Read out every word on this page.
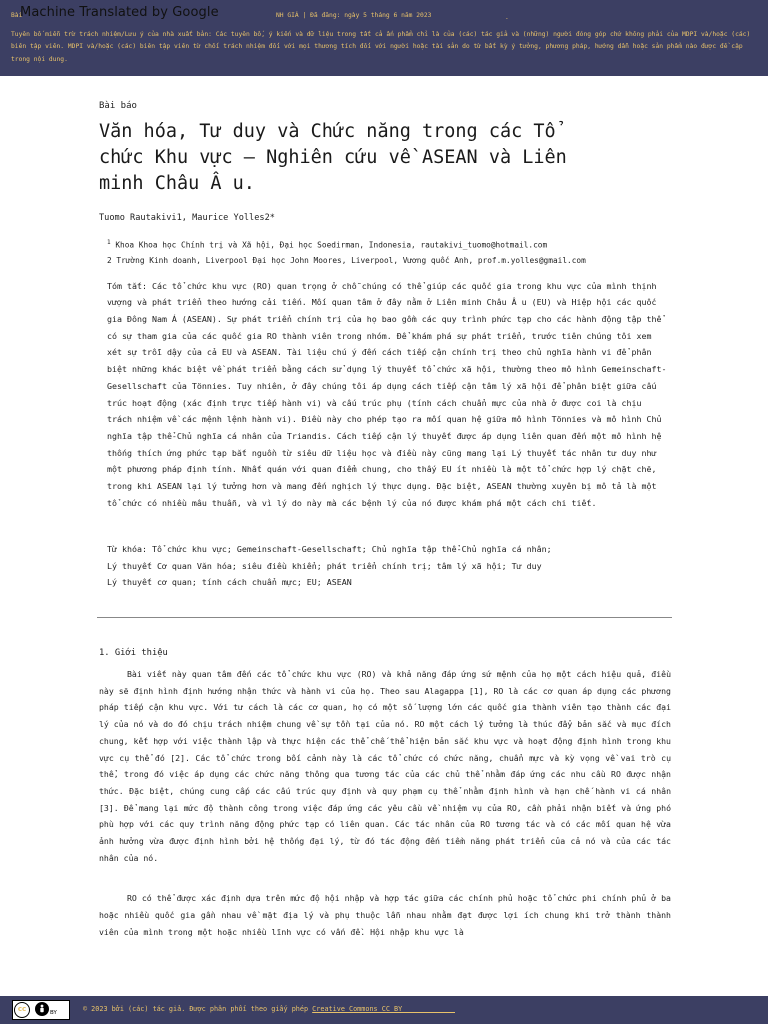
Bài	NH GIÁ | Đã đăng: ngày 5 tháng 6 năm 2023
Tuyên bố miễn trừ trách nhiệm/Lưu ý của nhà xuất bản: Các tuyên bố, ý kiến và dữ liệu trong tất cả ấn phẩm chỉ là của (các) tác giả và (những) người đóng góp chứ không phải của MDPI và/hoặc (các) biên tập viên. MDPI và/hoặc (các) biên tập viên từ chối trách nhiệm đối với mọi thương tích đối với người hoặc tài sản do từ bất kỳ ý tưởng, phương pháp, hướng dẫn hoặc sản phẩm nào được đề cập trong nội dung.
.
Machine Translated by Google
Bài báo
Văn hóa, Tư duy và Chức năng trong các Tổ chức Khu vực – Nghiên cứu về ASEAN và Liên minh Châu Â u.
Tuomo Rautakivi1, Maurice Yolles2*
$^1$ Khoa Khoa học Chính trị và Xã hội, Đại học Soedirman, Indonesia, rautakivi_tuomo@hotmail.com
2 Trường Kinh doanh, Liverpool Đại học John Moores, Liverpool, Vương quốc Anh, prof.m.yolles@gmail.com
Tóm tắt: Các tổ chức khu vực (RO) quan trọng ở chỗ chúng có thể giúp các quốc gia trong khu vực của mình thịnh vượng và phát triển theo hướng cải tiến. Mối quan tâm ở đây nằm ở Liên minh Châu Â u (EU) và Hiệp hội các quốc gia Đông Nam Á (ASEAN). Sự phát triển chính trị của họ bao gồm các quy trình phức tạp cho các hành động tập thể có sự tham gia của các quốc gia RO thành viên trong nhóm. Để khám phá sự phát triển, trước tiên chúng tôi xem xét sự trỗi dậy của cả EU và ASEAN. Tài liệu chú ý đến cách tiếp cận chính trị theo chủ nghĩa hành vi để phân biệt những khác biệt về phát triển bằng cách sử dụng lý thuyết tổ chức xã hội, thường theo mô hình Gemeinschaft-Gesellschaft của Tönnies. Tuy nhiên, ở đây chúng tôi áp dụng cách tiếp cận tâm lý xã hội để phân biệt giữa cấu trúc hoạt động (xác định trực tiếp hành vi) và cấu trúc phụ (tính cách chuẩn mực của nhà ở được coi là chịu trách nhiệm về các mệnh lệnh hành vi). Điều này cho phép tạo ra mối quan hệ giữa mô hình Tönnies và mô hình Chủ nghĩa tập thể-Chủ nghĩa cá nhân của Triandis. Cách tiếp cận lý thuyết được áp dụng liên quan đến một mô hình hệ thống thích ứng phức tạp bắt nguồn từ siêu dữ liệu học và điều này cũng mang lại Lý thuyết tác nhân tư duy như một phương pháp định tính. Nhất quán với quan điểm chung, cho thấy EU ít nhiều là một tổ chức hợp lý chặt chẽ, trong khi ASEAN lại lý tưởng hơn và mang đến nghịch lý thực dụng. Đặc biệt, ASEAN thường xuyên bị mô tả là một tổ chức có nhiều mâu thuẫn, và vì lý do này mà các bệnh lý của nó được khám phá một cách chi tiết.
Từ khóa: Tổ chức khu vực; Gemeinschaft-Gesellschaft; Chủ nghĩa tập thể-Chủ nghĩa cá nhân;
Lý thuyết Cơ quan Văn hóa; siêu điều khiển; phát triển chính trị; tâm lý xã hội; Tư duy
Lý thuyết cơ quan; tính cách chuẩn mực; EU; ASEAN
1. Giới thiệu
Bài viết này quan tâm đến các tổ chức khu vực (RO) và khả năng đáp ứng sứ mệnh của họ một cách hiệu quả, điều này sẽ định hình định hướng nhận thức và hành vi của họ. Theo sau Alagappa [1], RO là các cơ quan áp dụng các phương pháp tiếp cận khu vực. Với tư cách là các cơ quan, họ có một số lượng lớn các quốc gia thành viên tạo thành các đại lý của nó và do đó chịu trách nhiệm chung về sự tồn tại của nó. RO một cách lý tưởng là thúc đẩy bản sắc và mục đích chung, kết hợp với việc thành lập và thực hiện các thể chế thể hiện bản sắc khu vực và hoạt động định hình trong khu vực cụ thể đó [2]. Các tổ chức trong bối cảnh này là các tổ chức có chức năng, chuẩn mực và kỳ vọng về vai trò cụ thể, trong đó việc áp dụng các chức năng thông qua tương tác của các chủ thể nhằm đáp ứng các nhu cầu RO được nhận thức. Đặc biệt, chúng cung cấp các cấu trúc quy định và quy phạm cụ thể nhằm định hình và hạn chế hành vi cá nhân [3]. Để mang lại mức độ thành công trong việc đáp ứng các yêu cầu về nhiệm vụ của RO, cần phải nhận biết và ứng phó phù hợp với các quy trình năng động phức tạp có liên quan. Các tác nhân của RO tương tác và có các mối quan hệ vừa ảnh hưởng vừa được định hình bởi hệ thống đại lý, từ đó tác động đến tiềm năng phát triển của cả nó và của các tác nhân của nó.
RO có thể được xác định dựa trên mức độ hội nhập và hợp tác giữa các chính phủ hoặc tổ chức phi chính phủ ở ba hoặc nhiều quốc gia gần nhau về mặt địa lý và phụ thuộc lẫn nhau nhằm đạt được lợi ích chung khi trở thành thành viên của mình trong một hoặc nhiều lĩnh vực có vấn đề. Hội nhập khu vực là
cc	BY	© 2023 bởi (các) tác giả. Được phân phối theo giấy phép Creative Commons CC BY
